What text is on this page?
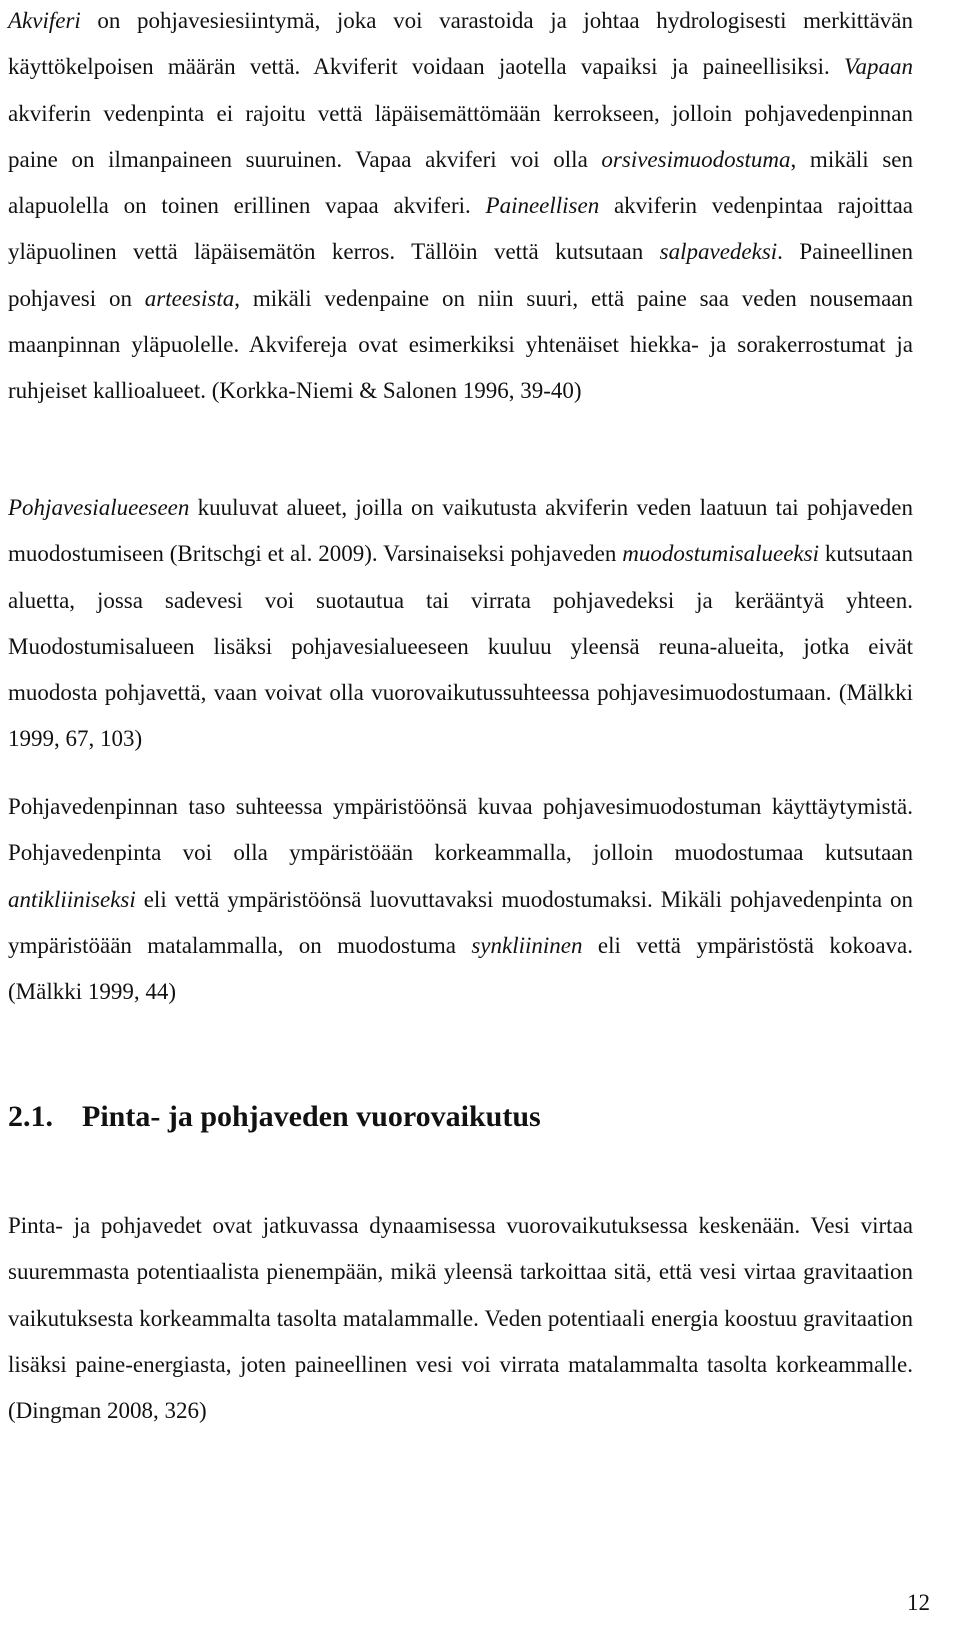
Akviferi on pohjavesiesiintymä, joka voi varastoida ja johtaa hydrologisesti merkittävän käyttökelpoisen määrän vettä. Akviferit voidaan jaotella vapaiksi ja paineellisiksi. Vapaan akviferin vedenpinta ei rajoitu vettä läpäisemättömään kerrokseen, jolloin pohjavedenpinnan paine on ilmanpaineen suuruinen. Vapaa akviferi voi olla orsivesimuodostuma, mikäli sen alapuolella on toinen erillinen vapaa akviferi. Paineellisen akviferin vedenpintaa rajoittaa yläpuolinen vettä läpäisemätön kerros. Tällöin vettä kutsutaan salpavedeksi. Paineellinen pohjavesi on arteesista, mikäli vedenpaine on niin suuri, että paine saa veden nousemaan maanpinnan yläpuolelle. Akvifereja ovat esimerkiksi yhtenäiset hiekka- ja sorakerrostumat ja ruhjeiset kallioalueet. (Korkka-Niemi & Salonen 1996, 39-40)

Pohjavesialueeseen kuuluvat alueet, joilla on vaikutusta akviferin veden laatuun tai pohjaveden muodostumiseen (Britschgi et al. 2009). Varsinaiseksi pohjaveden muodostumisalueeksi kutsutaan aluetta, jossa sadevesi voi suotautua tai virrata pohjavedeksi ja kerääntyä yhteen. Muodostumisalueen lisäksi pohjavesialueeseen kuuluu yleensä reuna-alueita, jotka eivät muodosta pohjavettä, vaan voivat olla vuorovaikutussuhteessa pohjavesimuodostumaan. (Mälkki 1999, 67, 103)

Pohjavedenpinnan taso suhteessa ympäristöönsä kuvaa pohjavesimuodostuman käyttäytymistä. Pohjavedenpinta voi olla ympäristöään korkeammalla, jolloin muodostumaa kutsutaan antikliiniseksi eli vettä ympäristöönsä luovuttavaksi muodostumaksi. Mikäli pohjavedenpinta on ympäristöään matalammalla, on muodostuma synkliininen eli vettä ympäristöstä kokoava. (Mälkki 1999, 44)

2.1. Pinta- ja pohjaveden vuorovaikutus

Pinta- ja pohjavedet ovat jatkuvassa dynaamisessa vuorovaikutuksessa keskenään. Vesi virtaa suuremmasta potentiaalista pienempään, mikä yleensä tarkoittaa sitä, että vesi virtaa gravitaation vaikutuksesta korkeammalta tasolta matalammalle. Veden potentiaali energia koostuu gravitaation lisäksi paine-energiasta, joten paineellinen vesi voi virrata matalammalta tasolta korkeammalle. (Dingman 2008, 326)

12
